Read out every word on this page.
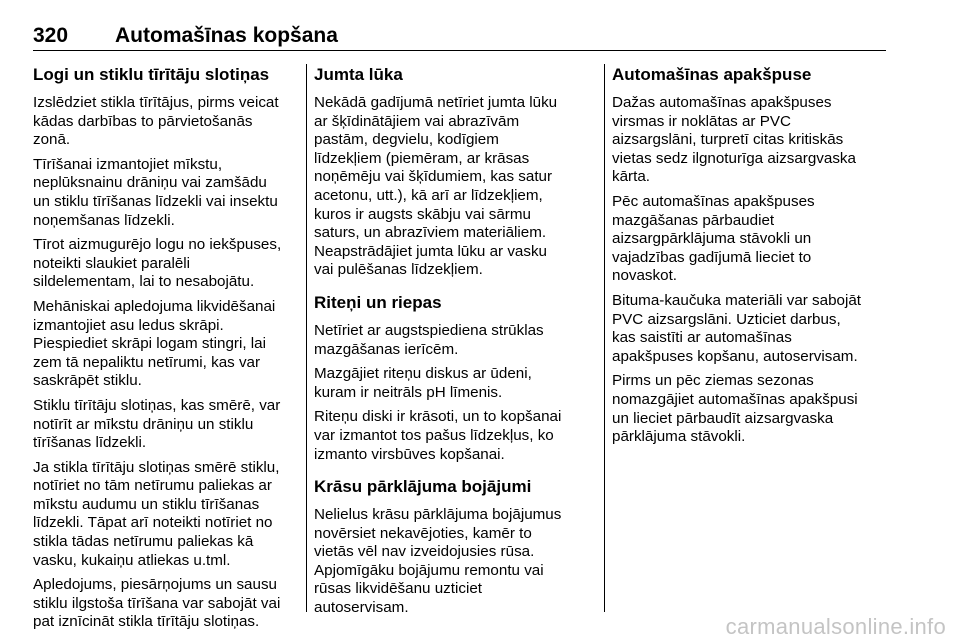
320 Automašīnas kopšana
Logi un stiklu tīrītāju slotiņas

Izslēdziet stikla tīrītājus, pirms veicat
kādas darbības to pārvietošanās
zonā.

Tīrīšanai izmantojiet mīkstu,
neplūksnainu drāniņu vai zamšādu
un stiklu tīrīšanas līdzekli vai insektu
noņemšanas līdzekli.

Tīrot aizmugurējo logu no iekšpuses,
noteikti slaukiet paralēli
sildelementam, lai to nesabojātu.

Mehāniskai apledojuma likvidēšanai
izmantojiet asu ledus skrāpi.
Piespiediet skrāpi logam stingri, lai
zem tā nepaliktu netīrumi, kas var
saskrāpēt stiklu.

Stiklu tīrītāju slotiņas, kas smērē, var
notīrīt ar mīkstu drāniņu un stiklu
tīrīšanas līdzekli.

Ja stikla tīrītāju slotiņas smērē stiklu,
notīriet no tām netīrumu paliekas ar
mīkstu audumu un stiklu tīrīšanas
līdzekli. Tāpat arī noteikti notīriet no
stikla tādas netīrumu paliekas kā
vasku, kukaiņu atliekas u.tml.

Apledojums, piesārņojums un sausu
stiklu ilgstoša tīrīšana var sabojāt vai
pat iznīcināt stikla tīrītāju slotiņas.

Jumta lūka

Nekādā gadījumā netīriet jumta lūku
ar šķīdinātājiem vai abrazīvām
pastām, degvielu, kodīgiem
līdzekļiem (piemēram, ar krāsas
noņēmēju vai šķīdumiem, kas satur
acetonu, utt.), kā arī ar līdzekļiem,
kuros ir augsts skābju vai sārmu
saturs, un abrazīviem materiāliem.
Neapstrādājiet jumta lūku ar vasku
vai pulēšanas līdzekļiem.

Riteņi un riepas

Netīriet ar augstspiediena strūklas
mazgāšanas ierīcēm.

Mazgājiet riteņu diskus ar ūdeni,
kuram ir neitrāls pH līmenis.

Riteņu diski ir krāsoti, un to kopšanai
var izmantot tos pašus līdzekļus, ko
izmanto virsbūves kopšanai.

Krāsu pārklājuma bojājumi

Nelielus krāsu pārklājuma bojājumus
novērsiet nekavējoties, kamēr to
vietās vēl nav izveidojusies rūsa.
Apjomīgāku bojājumu remontu vai
rūsas likvidēšanu uzticiet
autoservisam.

Automašīnas apakšpuse

Dažas automašīnas apakšpuses
virsmas ir noklātas ar PVC
aizsargslāni, turpretī citas kritiskās
vietas sedz ilgnoturīga aizsargvaska
kārta.

Pēc automašīnas apakšpuses
mazgāšanas pārbaudiet
aizsargpārklājuma stāvokli un
vajadzības gadījumā lieciet to
novaskot.

Bituma-kaučuka materiāli var sabojāt
PVC aizsargslāni. Uzticiet darbus,
kas saistīti ar automašīnas
apakšpuses kopšanu, autoservisam.

Pirms un pēc ziemas sezonas
nomazgājiet automašīnas apakšpusi
un lieciet pārbaudīt aizsargvaska
pārklājuma stāvokli.

carmanualsonline.info
